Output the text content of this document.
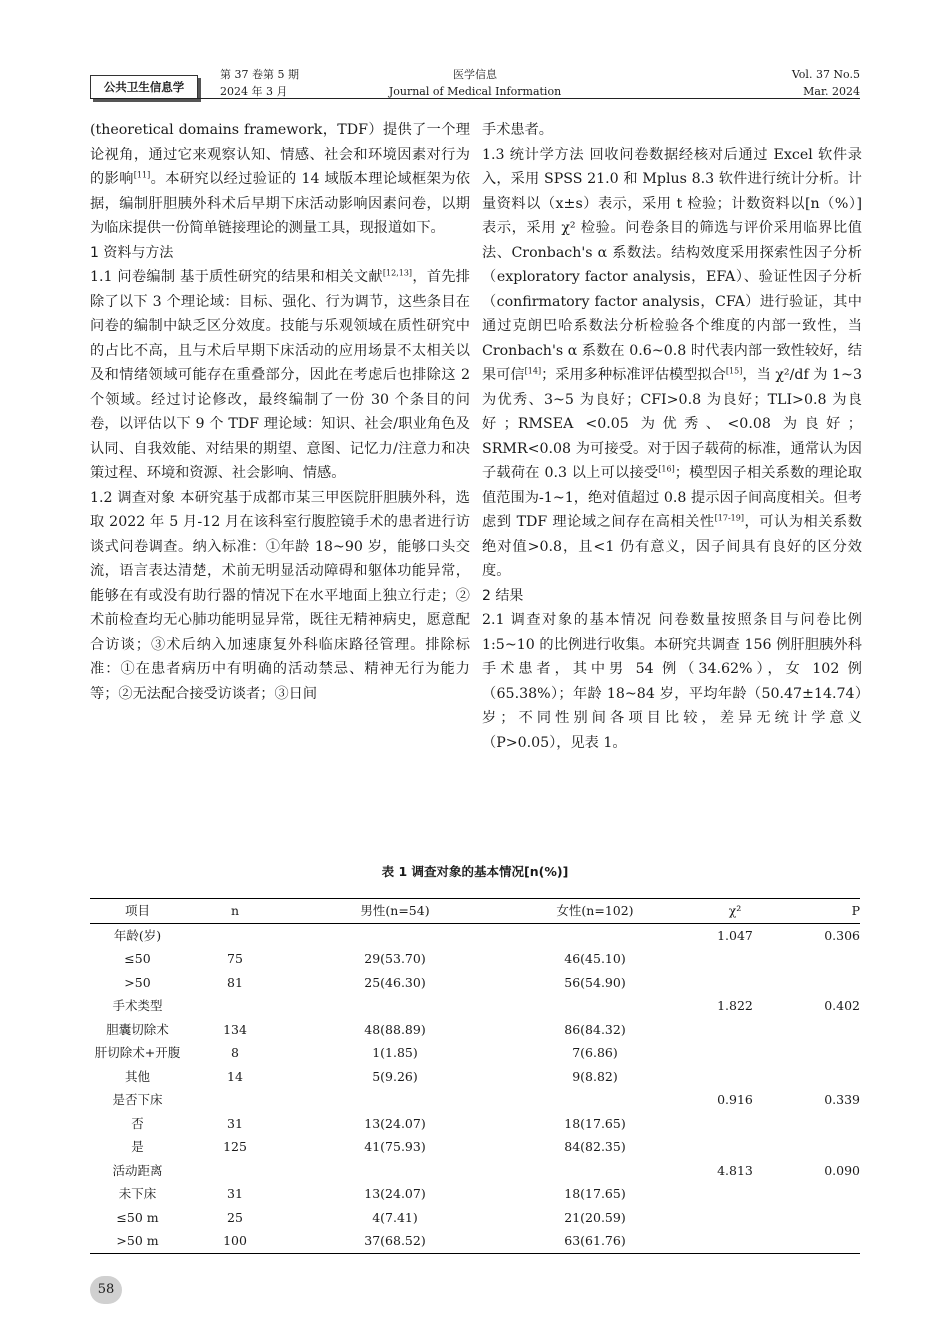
公共卫生信息学
第 37 卷第 5 期
2024 年 3 月
医学信息
Journal of Medical Information
Vol. 37 No.5
Mar. 2024

(theoretical domains framework，TDF）提供了一个理论视角，通过它来观察认知、情感、社会和环境因素对行为的影响[11]。本研究以经过验证的 14 域版本理论域框架为依据，编制肝胆胰外科术后早期下床活动影响因素问卷，以期为临床提供一份简单链接理论的测量工具，现报道如下。

1 资料与方法

1.1 问卷编制 基于质性研究的结果和相关文献[12,13]，首先排除了以下 3 个理论域：目标、强化、行为调节，这些条目在问卷的编制中缺乏区分效度。技能与乐观领域在质性研究中的占比不高，且与术后早期下床活动的应用场景不太相关以及和情绪领域可能存在重叠部分，因此在考虑后也排除这 2 个领域。经过讨论修改，最终编制了一份 30 个条目的问卷，以评估以下 9 个 TDF 理论域：知识、社会/职业角色及认同、自我效能、对结果的期望、意图、记忆力/注意力和决策过程、环境和资源、社会影响、情感。

1.2 调查对象 本研究基于成都市某三甲医院肝胆胰外科，选取 2022 年 5 月-12 月在该科室行腹腔镜手术的患者进行访谈式问卷调查。纳入标准：①年龄 18~90 岁，能够口头交流，语言表达清楚，术前无明显活动障碍和躯体功能异常，能够在有或没有助行器的情况下在水平地面上独立行走；②术前检查均无心肺功能明显异常，既往无精神病史，愿意配合访谈；③术后纳入加速康复外科临床路径管理。排除标准：①在患者病历中有明确的活动禁忌、精神无行为能力等；②无法配合接受访谈者；③日间

手术患者。

1.3 统计学方法 回收问卷数据经核对后通过 Excel 软件录入，采用 SPSS 21.0 和 Mplus 8.3 软件进行统计分析。计量资料以（x±s）表示，采用 t 检验；计数资料以[n（%）]表示，采用 χ² 检验。问卷条目的筛选与评价采用临界比值法、Cronbach's α 系数法。结构效度采用探索性因子分析（exploratory factor analysis，EFA）、验证性因子分析（confirmatory factor analysis，CFA）进行验证，其中通过克朗巴哈系数法分析检验各个维度的内部一致性，当 Cronbach's α 系数在 0.6~0.8 时代表内部一致性较好，结果可信[14]；采用多种标准评估模型拟合[15]，当 χ²/df 为 1~3 为优秀、3~5 为良好；CFI>0.8 为良好；TLI>0.8 为良好；RMSEA <0.05 为优秀、<0.08 为良好；SRMR<0.08 为可接受。对于因子载荷的标准，通常认为因子载荷在 0.3 以上可以接受[16]；模型因子相关系数的理论取值范围为-1~1，绝对值超过 0.8 提示因子间高度相关。但考虑到 TDF 理论域之间存在高相关性[17-19]，可认为相关系数绝对值>0.8，且<1 仍有意义，因子间具有良好的区分效度。

2 结果

2.1 调查对象的基本情况 问卷数量按照条目与问卷比例 1:5~10 的比例进行收集。本研究共调查 156 例肝胆胰外科手术患者，其中男 54 例（34.62%），女 102 例（65.38%）；年龄 18~84 岁，平均年龄（50.47±14.74）岁；不同性别间各项目比较，差异无统计学意义（P>0.05），见表 1。

表 1 调查对象的基本情况[n(%)]
项目	n	男性(n=54)	女性(n=102)	χ²	P
年龄(岁)				1.047	0.306
≤50	75	29(53.70)	46(45.10)		
>50	81	25(46.30)	56(54.90)		
手术类型				1.822	0.402
胆囊切除术	134	48(88.89)	86(84.32)		
肝切除术+开腹	8	1(1.85)	7(6.86)		
其他	14	5(9.26)	9(8.82)		
是否下床				0.916	0.339
否	31	13(24.07)	18(17.65)		
是	125	41(75.93)	84(82.35)		
活动距离				4.813	0.090
未下床	31	13(24.07)	18(17.65)		
≤50 m	25	4(7.41)	21(20.59)		
>50 m	100	37(68.52)	63(61.76)		
58
